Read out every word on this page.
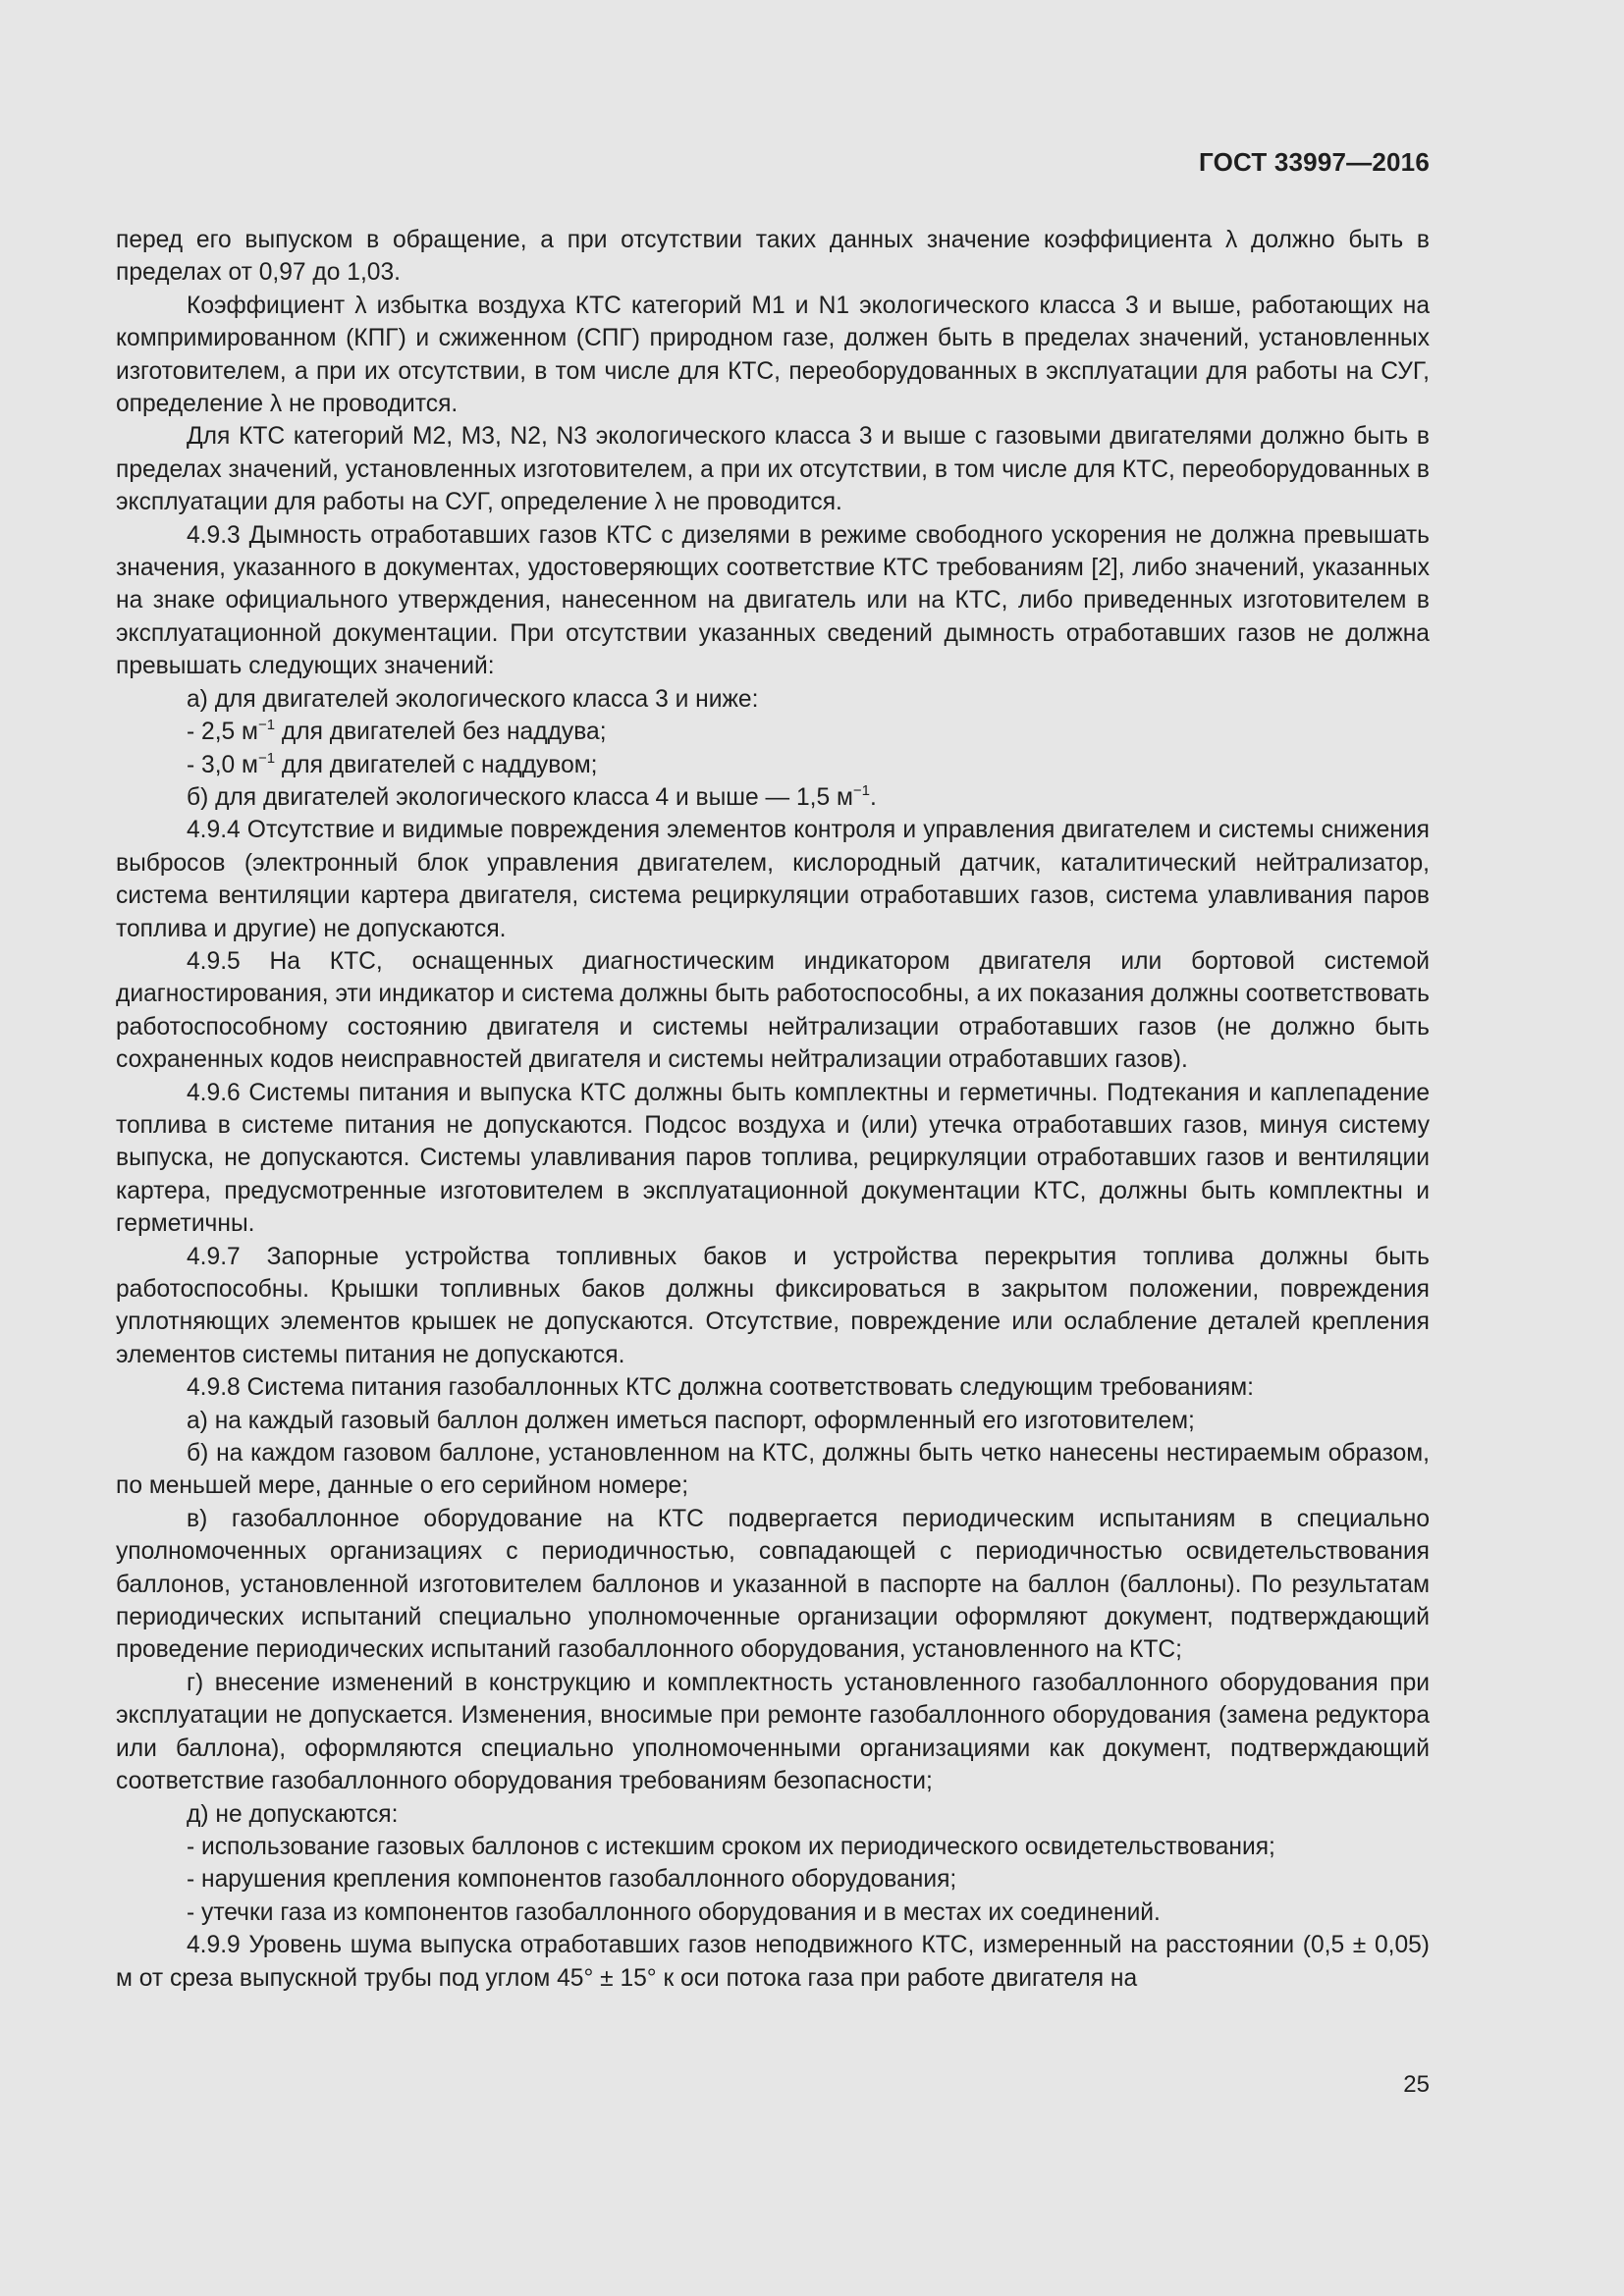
ГОСТ 33997—2016

перед его выпуском в обращение, а при отсутствии таких данных значение коэффициента λ должно быть в пределах от 0,97 до 1,03.

Коэффициент λ избытка воздуха КТС категорий M1 и N1 экологического класса 3 и выше, работающих на компримированном (КПГ) и сжиженном (СПГ) природном газе, должен быть в пределах значений, установленных изготовителем, а при их отсутствии, в том числе для КТС, переоборудованных в эксплуатации для работы на СУГ, определение λ не проводится.

Для КТС категорий M2, M3, N2, N3 экологического класса 3 и выше с газовыми двигателями должно быть в пределах значений, установленных изготовителем, а при их отсутствии, в том числе для КТС, переоборудованных в эксплуатации для работы на СУГ, определение λ не проводится.

4.9.3 Дымность отработавших газов КТС с дизелями в режиме свободного ускорения не должна превышать значения, указанного в документах, удостоверяющих соответствие КТС требованиям [2], либо значений, указанных на знаке официального утверждения, нанесенном на двигатель или на КТС, либо приведенных изготовителем в эксплуатационной документации. При отсутствии указанных сведений дымность отработавших газов не должна превышать следующих значений:

а) для двигателей экологического класса 3 и ниже:

- 2,5 $м^{-1}$ для двигателей без наддува;

- 3,0 $м^{-1}$ для двигателей с наддувом;

б) для двигателей экологического класса 4 и выше — 1,5 $м^{-1}$.

4.9.4 Отсутствие и видимые повреждения элементов контроля и управления двигателем и системы снижения выбросов (электронный блок управления двигателем, кислородный датчик, каталитический нейтрализатор, система вентиляции картера двигателя, система рециркуляции отработавших газов, система улавливания паров топлива и другие) не допускаются.

4.9.5 На КТС, оснащенных диагностическим индикатором двигателя или бортовой системой диагностирования, эти индикатор и система должны быть работоспособны, а их показания должны соответствовать работоспособному состоянию двигателя и системы нейтрализации отработавших газов (не должно быть сохраненных кодов неисправностей двигателя и системы нейтрализации отработавших газов).

4.9.6 Системы питания и выпуска КТС должны быть комплектны и герметичны. Подтекания и каплепадение топлива в системе питания не допускаются. Подсос воздуха и (или) утечка отработавших газов, минуя систему выпуска, не допускаются. Системы улавливания паров топлива, рециркуляции отработавших газов и вентиляции картера, предусмотренные изготовителем в эксплуатационной документации КТС, должны быть комплектны и герметичны.

4.9.7 Запорные устройства топливных баков и устройства перекрытия топлива должны быть работоспособны. Крышки топливных баков должны фиксироваться в закрытом положении, повреждения уплотняющих элементов крышек не допускаются. Отсутствие, повреждение или ослабление деталей крепления элементов системы питания не допускаются.

4.9.8 Система питания газобаллонных КТС должна соответствовать следующим требованиям:

а) на каждый газовый баллон должен иметься паспорт, оформленный его изготовителем;

б) на каждом газовом баллоне, установленном на КТС, должны быть четко нанесены нестираемым образом, по меньшей мере, данные о его серийном номере;

в) газобаллонное оборудование на КТС подвергается периодическим испытаниям в специально уполномоченных организациях с периодичностью, совпадающей с периодичностью освидетельствования баллонов, установленной изготовителем баллонов и указанной в паспорте на баллон (баллоны). По результатам периодических испытаний специально уполномоченные организации оформляют документ, подтверждающий проведение периодических испытаний газобаллонного оборудования, установленного на КТС;

г) внесение изменений в конструкцию и комплектность установленного газобаллонного оборудования при эксплуатации не допускается. Изменения, вносимые при ремонте газобаллонного оборудования (замена редуктора или баллона), оформляются специально уполномоченными организациями как документ, подтверждающий соответствие газобаллонного оборудования требованиям безопасности;

д) не допускаются:

- использование газовых баллонов с истекшим сроком их периодического освидетельствования;

- нарушения крепления компонентов газобаллонного оборудования;

- утечки газа из компонентов газобаллонного оборудования и в местах их соединений.

4.9.9 Уровень шума выпуска отработавших газов неподвижного КТС, измеренный на расстоянии (0,5 ± 0,05) м от среза выпускной трубы под углом 45° ± 15° к оси потока газа при работе двигателя на

25
